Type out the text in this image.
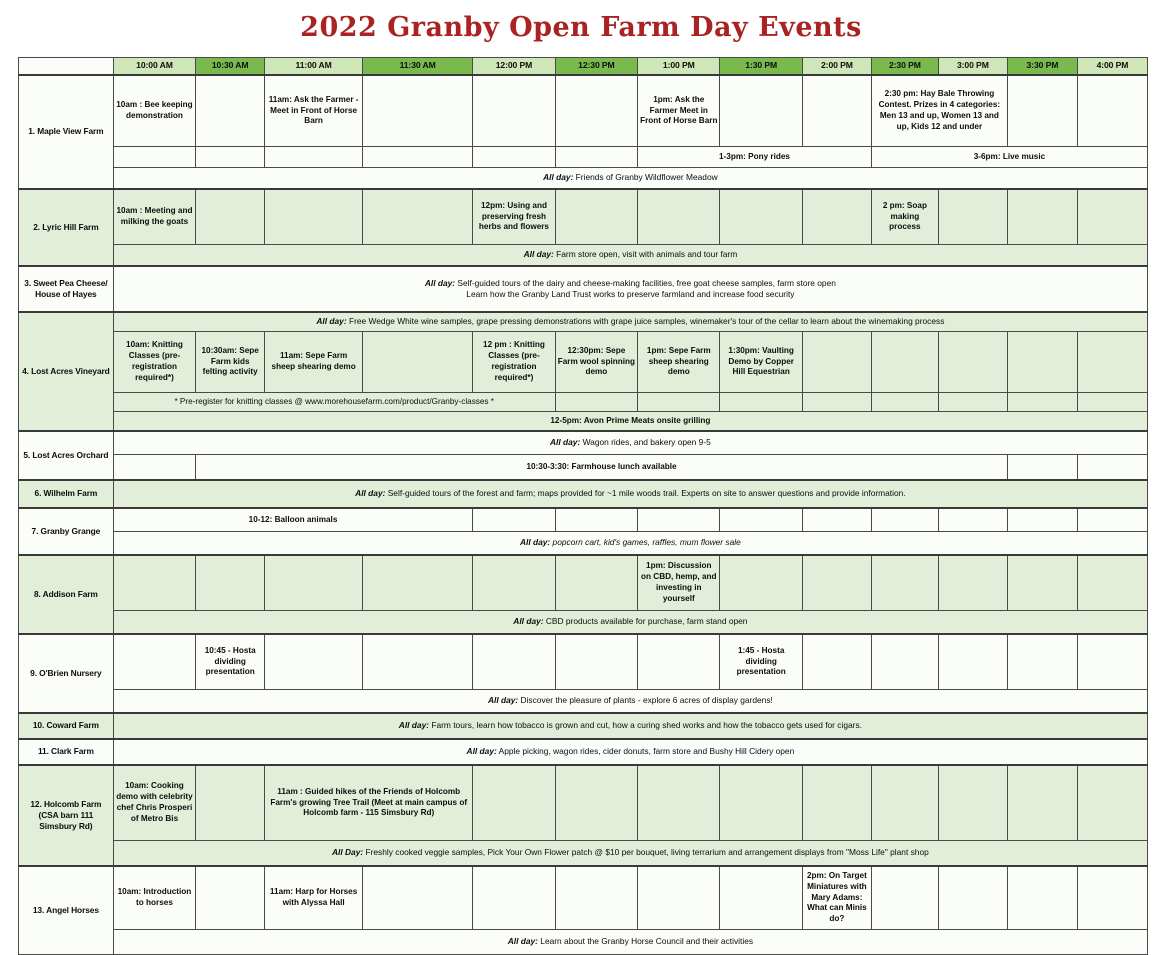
2022 Granby Open Farm Day Events
	10:00 AM	10:30 AM	11:00 AM	11:30 AM	12:00 PM	12:30 PM	1:00 PM	1:30 PM	2:00 PM	2:30 PM	3:00 PM	3:30 PM	4:00 PM
1. Maple View Farm	10am : Bee keeping demonstration		11am: Ask the Farmer - Meet in Front of Horse Barn				1pm: Ask the Farmer Meet in Front of Horse Barn			2:30 pm: Hay Bale Throwing Contest. Prizes in 4 categories: Men 13 and up, Women 13 and up, Kids 12 and under			
							1-3pm: Pony rides			3-6pm: Live music			
	All day: Friends of Granby Wildflower Meadow												
2. Lyric Hill Farm	10am : Meeting and milking the goats				12pm: Using and preserving fresh herbs and flowers					2 pm: Soap making process			
	All day: Farm store open, visit with animals and tour farm												
3. Sweet Pea Cheese/ House of Hayes	All day: Self-guided tours of the dairy and cheese-making facilities, free goat cheese samples, farm store open
Learn how the Granby Land Trust works to preserve farmland and increase food security												

4. Lost Acres Vineyard	All day: Free Wedge White wine samples, grape pressing demonstrations with grape juice samples, winemaker's tour of the cellar to learn about the winemaking process												
	10am: Knitting Classes (pre-registration required*)	10:30am: Sepe Farm kids felting activity	11am: Sepe Farm sheep shearing demo		12 pm : Knitting Classes (pre-registration required*)	12:30pm: Sepe Farm wool spinning demo	1pm: Sepe Farm sheep shearing demo	1:30pm: Vaulting Demo by Copper Hill Equestrian					
	* Pre-register for knitting classes @ www.morehousefarm.com/product/Granby-classes *												
	12-5pm: Avon Prime Meats onsite grilling												
5. Lost Acres Orchard	All day: Wagon rides, and bakery open 9-5												
		10:30-3:30: Farmhouse lunch available											
6. Wilhelm Farm	All day: Self-guided tours of the forest and farm; maps provided for ~1 mile woods trail. Experts on site to answer questions and provide information.												
7. Granby Grange	10-12: Balloon animals												
	All day: popcorn cart, kid's games, raffles, mum flower sale												
8. Addison Farm							1pm: Discussion on CBD, hemp, and investing in yourself						
	All day: CBD products available for purchase, farm stand open												
9. O'Brien Nursery		10:45 - Hosta dividing presentation						1:45 - Hosta dividing presentation					
	All day: Discover the pleasure of plants - explore 6 acres of display gardens!												
10. Coward Farm	All day: Farm tours, learn how tobacco is grown and cut, how a curing shed works and how the tobacco gets used for cigars.												
11. Clark Farm	All day: Apple picking, wagon rides, cider donuts, farm store and Bushy Hill Cidery open												
12. Holcomb Farm (CSA barn 111 Simsbury Rd)	10am: Cooking demo with celebrity chef Chris Prosperi of Metro Bis		11am : Guided hikes of the Friends of Holcomb Farm's growing Tree Trail (Meet at main campus of Holcomb farm - 115 Simsbury Rd)										
	All Day: Freshly cooked veggie samples, Pick Your Own Flower patch @ $10 per bouquet, living terrarium and arrangement displays from "Moss Life" plant shop												
13. Angel Horses	10am: Introduction to horses		11am: Harp for Horses with Alyssa Hall						2pm: On Target Miniatures with Mary Adams: What can Minis do?				
	All day: Learn about the Granby Horse Council and their activities												
